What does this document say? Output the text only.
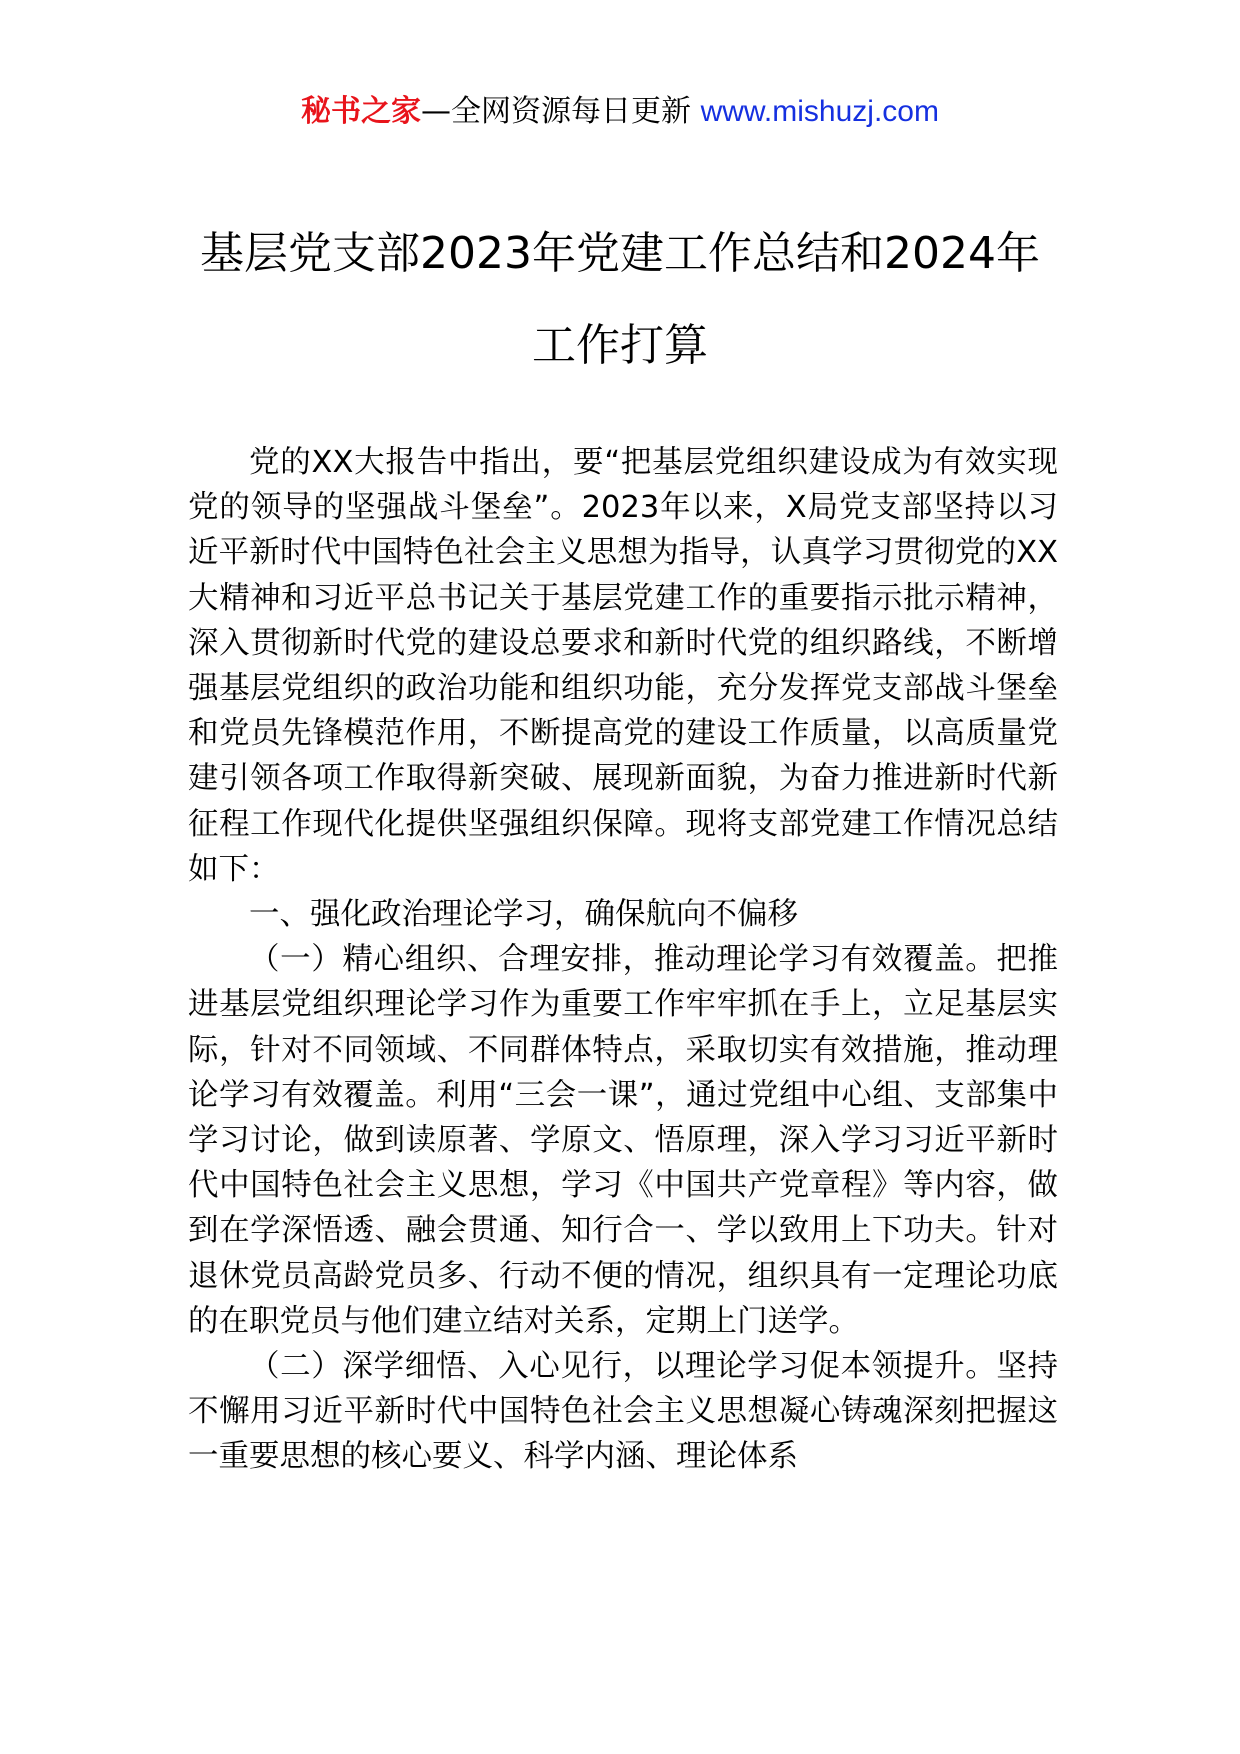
秘书之家—全网资源每日更新 www.mishuzj.com
基层党支部2023年党建工作总结和2024年
工作打算

党的XX大报告中指出，要“把基层党组织建设成为有效实现党的领导的坚强战斗堡垒”。2023年以来，X局党支部坚持以习近平新时代中国特色社会主义思想为指导，认真学习贯彻党的XX大精神和习近平总书记关于基层党建工作的重要指示批示精神，深入贯彻新时代党的建设总要求和新时代党的组织路线，不断增强基层党组织的政治功能和组织功能，充分发挥党支部战斗堡垒和党员先锋模范作用，不断提高党的建设工作质量，以高质量党建引领各项工作取得新突破、展现新面貌，为奋力推进新时代新征程工作现代化提供坚强组织保障。现将支部党建工作情况总结如下：

一、强化政治理论学习，确保航向不偏移

（一）精心组织、合理安排，推动理论学习有效覆盖。把推进基层党组织理论学习作为重要工作牢牢抓在手上，立足基层实际，针对不同领域、不同群体特点，采取切实有效措施，推动理论学习有效覆盖。利用“三会一课”，通过党组中心组、支部集中学习讨论，做到读原著、学原文、悟原理，深入学习习近平新时代中国特色社会主义思想，学习《中国共产党章程》等内容，做到在学深悟透、融会贯通、知行合一、学以致用上下功夫。针对退休党员高龄党员多、行动不便的情况，组织具有一定理论功底的在职党员与他们建立结对关系，定期上门送学。

（二）深学细悟、入心见行，以理论学习促本领提升。坚持不懈用习近平新时代中国特色社会主义思想凝心铸魂深刻把握这一重要思想的核心要义、科学内涵、理论体系
